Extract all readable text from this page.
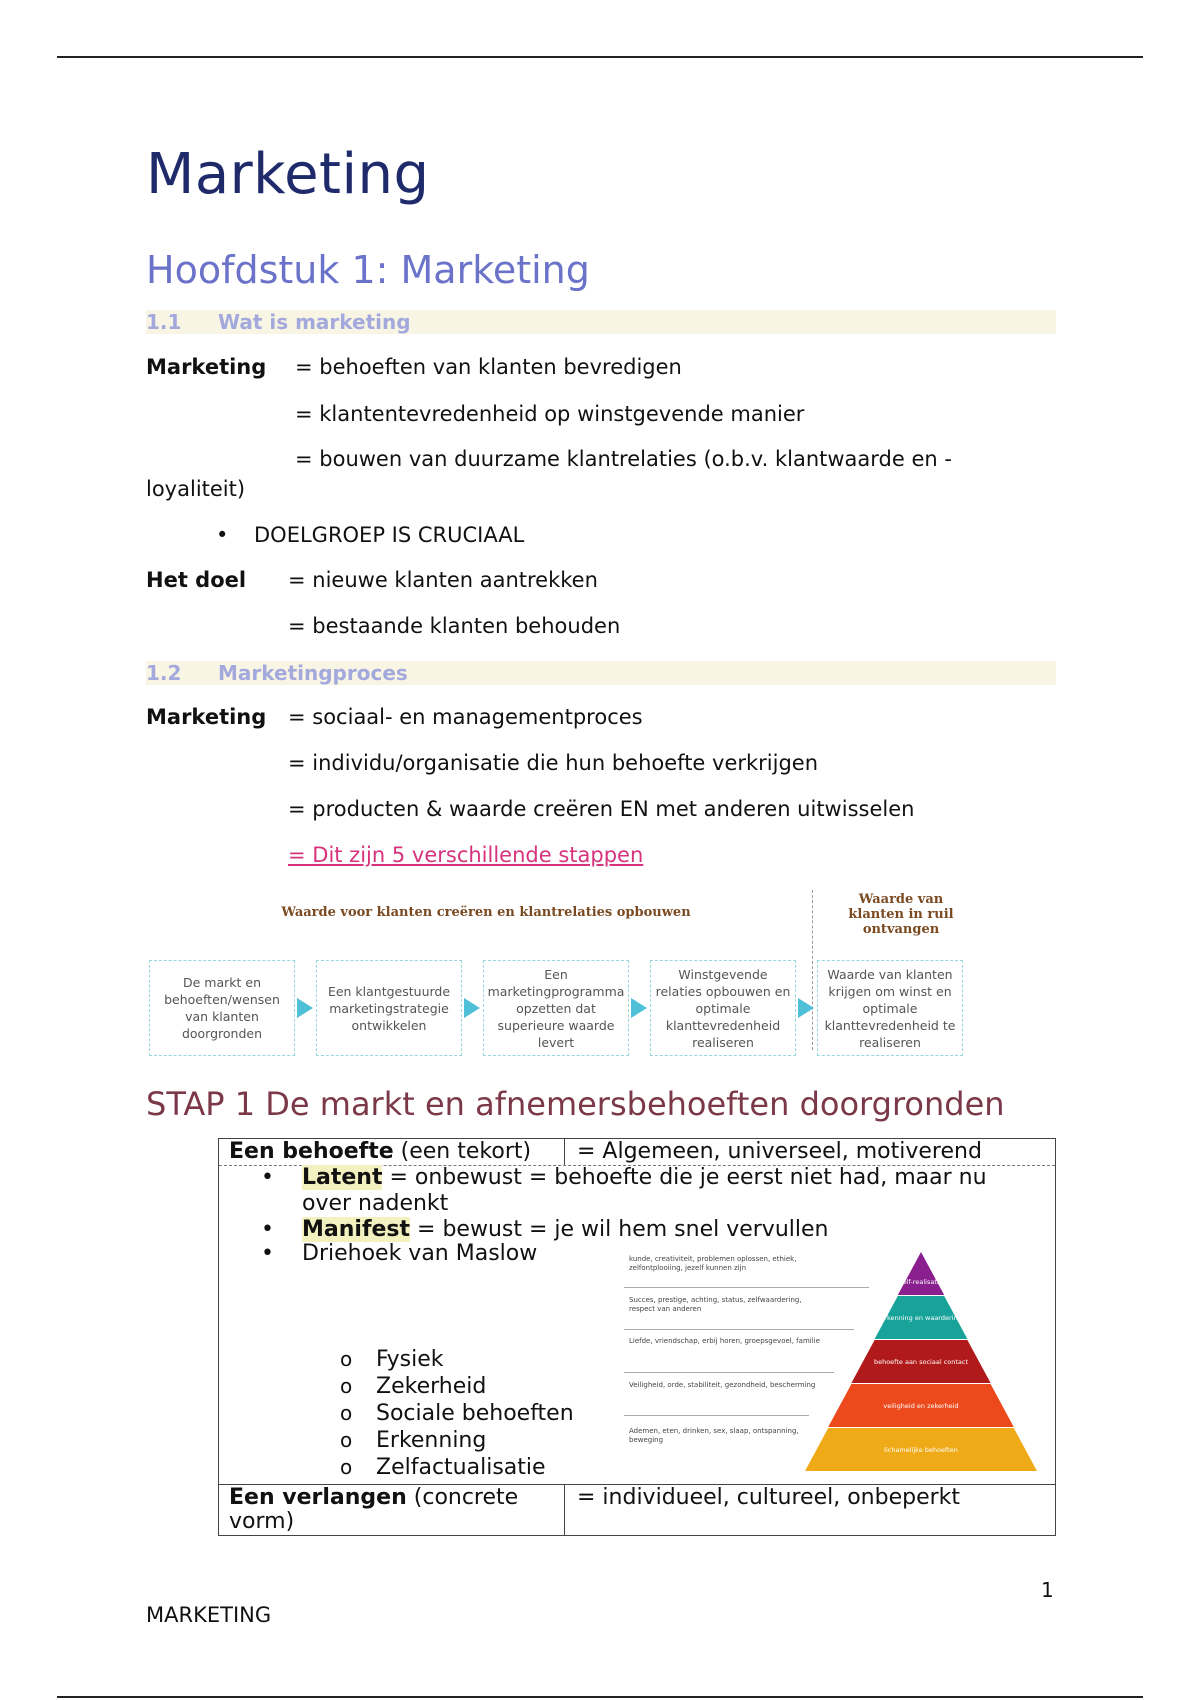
Marketing
Hoofdstuk 1: Marketing
1.1 Wat is marketing
Marketing = behoeften van klanten bevredigen
= klantentevredenheid op winstgevende manier
= bouwen van duurzame klantrelaties (o.b.v. klantwaarde en -
loyaliteit)
• DOELGROEP IS CRUCIAAL
Het doel = nieuwe klanten aantrekken
= bestaande klanten behouden
1.2 Marketingproces
Marketing = sociaal- en managementproces
= individu/organisatie die hun behoefte verkrijgen
= producten & waarde creëren EN met anderen uitwisselen
= Dit zijn 5 verschillende stappen
Waarde voor klanten creëren en klantrelaties opbouwen
Waarde van
klanten in ruil
ontvangen
De markt en behoeften/wensen van klanten doorgronden
Een klantgestuurde marketingstrategie ontwikkelen
Een marketingprogramma opzetten dat superieure waarde levert
Winstgevende relaties opbouwen en optimale klanttevredenheid realiseren
Waarde van klanten krijgen om winst en optimale klanttevredenheid te realiseren
STAP 1 De markt en afnemersbehoeften doorgronden
Een behoefte (een tekort) = Algemeen, universeel, motiverend
• Latent = onbewust = behoefte die je eerst niet had, maar nu
over nadenkt
• Manifest = bewust = je wil hem snel vervullen
• Driehoek van Maslow
o Fysiek
o Zekerheid
o Sociale behoeften
o Erkenning
o Zelfactualisatie
kunde, creativiteit, problemen oplossen, ethiek, zelfontplooiing, jezelf kunnen zijn
Succes, prestige, achting, status, zelfwaardering, respect van anderen
Liefde, vriendschap, erbij horen, groepsgevoel, familie
Veiligheid, orde, stabiliteit, gezondheid, bescherming
Ademen, eten, drinken, sex, slaap, ontspanning, beweging
zelf-realisatie
erkenning en waardering
behoefte aan sociaal contact
veiligheid en zekerheid
lichamelijke behoeften
Een verlangen (concrete
vorm)
= individueel, cultureel, onbeperkt
1
MARKETING
